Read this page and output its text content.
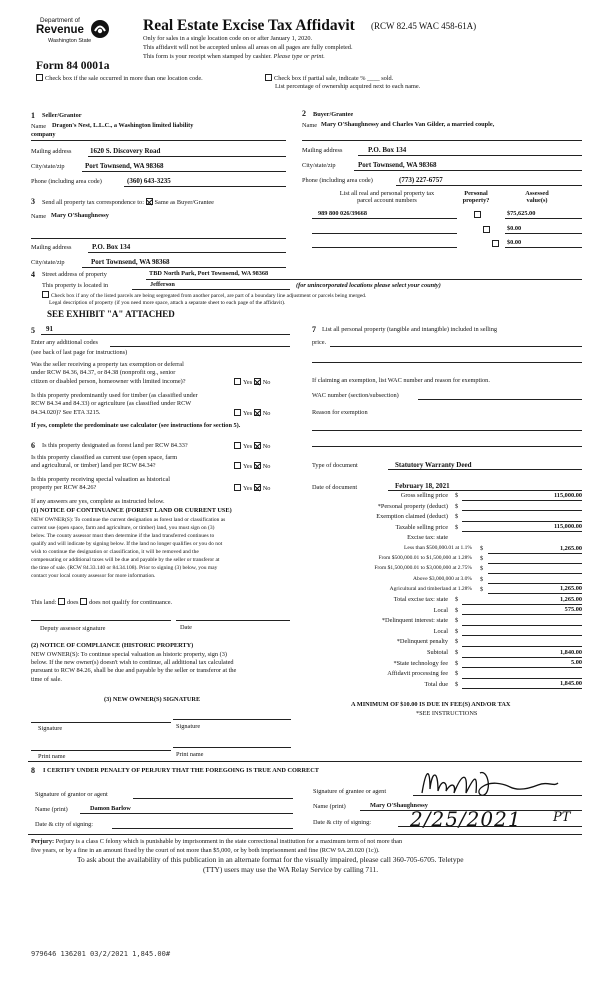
Department of
Revenue
Washington State
Real Estate Excise Tax Affidavit (RCW 82.45 WAC 458-61A)
Only for sales in a single location code on or after January 1, 2020.
This affidavit will not be accepted unless all areas on all pages are fully completed.
This form is your receipt when stamped by cashier. Please type or print.
Form 84 0001a
Check box if the sale occurred in more than one location code.	Check box if partial sale, indicate % ____ sold.
List percentage of ownership acquired next to each name.
1 Seller/Grantor
Name Dragon's Nest, L.L.C., a Washington limited liability
company
Mailing address	1620 S. Discovery Road
City/state/zip	Port Townsend, WA 98368
Phone (including area code)	(360) 643-3235
3 Send all property tax correspondence to: Same as Buyer/Grantee
Name Mary O'Shaughnessy
Mailing address	P.O. Box 134
City/state/zip	Port Townsend, WA 98368
2 Buyer/Grantee
Name Mary O'Shaughnessy and Charles Van Gilder, a married couple,
Mailing address	P.O. Box 134
City/state/zip	Port Townsend, WA 98368
Phone (including area code)	(773) 227-6757
List all real and personal property tax
parcel account numbers
Personal
property?
Assessed
value(s)
989 800 026/39668	$75,625.00
$0.00
$0.00
4 Street address of property	TBD North Park, Port Townsend, WA 98368
This property is located in	Jefferson	(for unincorporated locations please select your county)
Check box if any of the listed parcels are being segregated from another parcel, are part of a boundary line adjustment or parcels being merged.
Legal description of property (if you need more space, attach a separate sheet to each page of the affidavit).
SEE EXHIBIT "A" ATTACHED
5 91
Enter any additional codes
(see back of last page for instructions)
Was the seller receiving a property tax exemption or deferral
under RCW 84.36, 84.37, or 84.38 (nonprofit org., senior
citizen or disabled person, homeowner with limited income)?	Yes No
Is this property predominantly used for timber (as classified under
RCW 84.34 and 84.33) or agriculture (as classified under RCW
84.34.020)? See ETA 3215.	Yes No
If yes, complete the predominate use calculator (see instructions for section 5).
6 Is this property designated as forest land per RCW 84.33?	Yes No
Is this property classified as current use (open space, farm
and agricultural, or timber) land per RCW 84.34?	Yes No
Is this property receiving special valuation as historical
property per RCW 84.26?	Yes No
If any answers are yes, complete as instructed below.
(1) NOTICE OF CONTINUANCE (FOREST LAND OR CURRENT USE)
NEW OWNER(S): To continue the current designation as forest land or classification as
current use (open space, farm and agriculture, or timber) land, you must sign on (3)
below. The county assessor must then determine if the land transferred continues to
qualify and will indicate by signing below. If the land no longer qualifies or you do not
wish to continue the designation or classification, it will be removed and the
compensating or additional taxes will be due and payable by the seller or transferor at
the time of sale. (RCW 84.33.140 or 84.34.108). Prior to signing (3) below, you may
contact your local county assessor for more information.
This land: does does not qualify for continuance.
Deputy assessor signature	Date
(2) NOTICE OF COMPLIANCE (HISTORIC PROPERTY)
NEW OWNER(S): To continue special valuation as historic property, sign (3)
below. If the new owner(s) doesn't wish to continue, all additional tax calculated
pursuant to RCW 84.26, shall be due and payable by the seller or transferor at the
time of sale.
(3) NEW OWNER(S) SIGNATURE
Signature	Signature
Print name	Print name
7 List all personal property (tangible and intangible) included in selling
price.
If claiming an exemption, list WAC number and reason for exemption.
WAC number (section/subsection)
Reason for exemption
Type of document	Statutory Warranty Deed
Date of document	February 18, 2021
Gross selling price $	115,000.00
*Personal property (deduct) $
Exemption claimed (deduct) $
Taxable selling price $	115,000.00
Excise tax: state
Less than $500,000.01 at 1.1% $	1,265.00
From $500,000.01 to $1,500,000 at 1.28% $
From $1,500,000.01 to $3,000,000 at 2.75% $
Above $3,000,000 at 3.0% $
Agricultural and timberland at 1.28% $	1,265.00
Total excise tax: state $	1,265.00
Local $	575.00
*Delinquent interest: state $
Local $
*Delinquent penalty $
Subtotal $	1,840.00
*State technology fee $	5.00
Affidavit processing fee $
Total due $	1,845.00
A MINIMUM OF $10.00 IS DUE IN FEE(S) AND/OR TAX
*SEE INSTRUCTIONS
8 I CERTIFY UNDER PENALTY OF PERJURY THAT THE FOREGOING IS TRUE AND CORRECT
Signature of grantor or agent
Name (print)	Damon Barlow
Date & city of signing:
Signature of grantee or agent
Name (print)	Mary O'Shaughnessy
Date & city of signing: 2/25/2021 PT
Perjury: Perjury is a class C felony which is punishable by imprisonment in the state correctional institution for a maximum term of not more than
five years, or by a fine in an amount fixed by the court of not more than $5,000, or by both imprisonment and fine (RCW 9A.20.020 (1c)).
To ask about the availability of this publication in an alternate format for the visually impaired, please call 360-705-6705. Teletype
(TTY) users may use the WA Relay Service by calling 711.
979646 136201 03/2/2021 1,845.00#
